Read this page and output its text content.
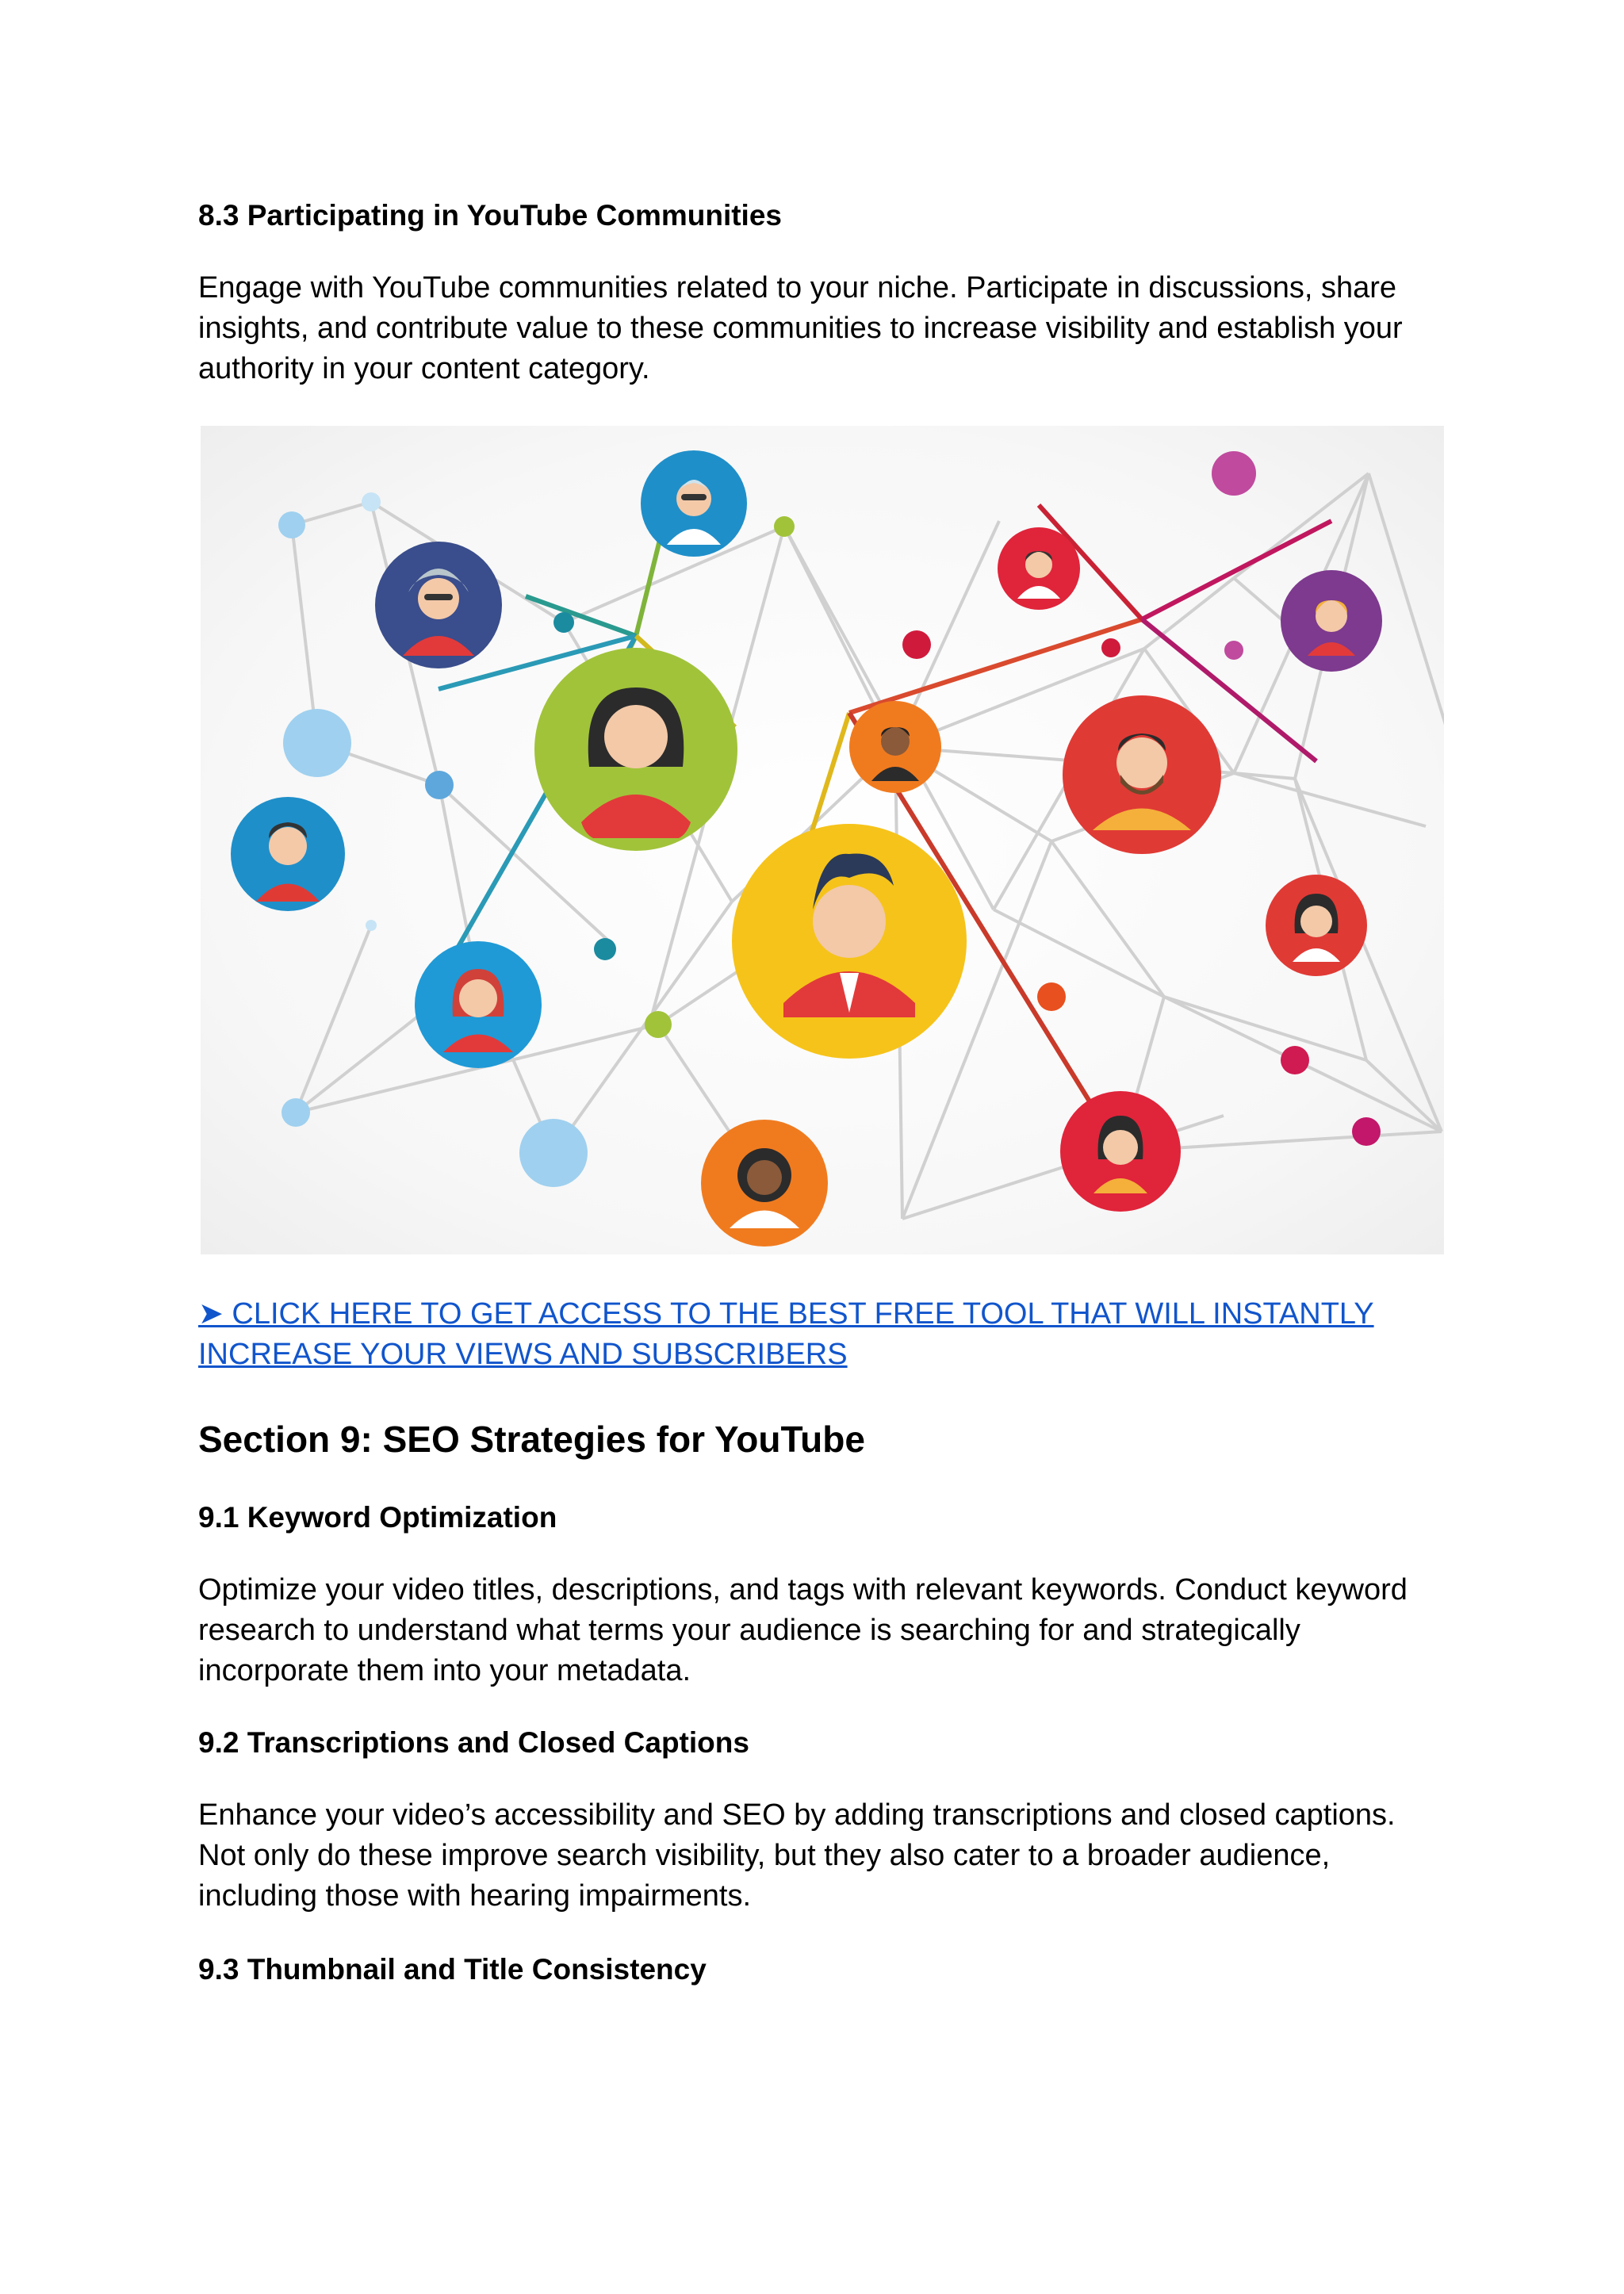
8.3 Participating in YouTube Communities
Engage with YouTube communities related to your niche. Participate in discussions, share insights, and contribute value to these communities to increase visibility and establish your authority in your content category.
➤ CLICK HERE TO GET ACCESS TO THE BEST FREE TOOL THAT WILL INSTANTLY INCREASE YOUR VIEWS AND SUBSCRIBERS
Section 9: SEO Strategies for YouTube
9.1 Keyword Optimization
Optimize your video titles, descriptions, and tags with relevant keywords. Conduct keyword research to understand what terms your audience is searching for and strategically incorporate them into your metadata.
9.2 Transcriptions and Closed Captions
Enhance your video’s accessibility and SEO by adding transcriptions and closed captions. Not only do these improve search visibility, but they also cater to a broader audience, including those with hearing impairments.
9.3 Thumbnail and Title Consistency
